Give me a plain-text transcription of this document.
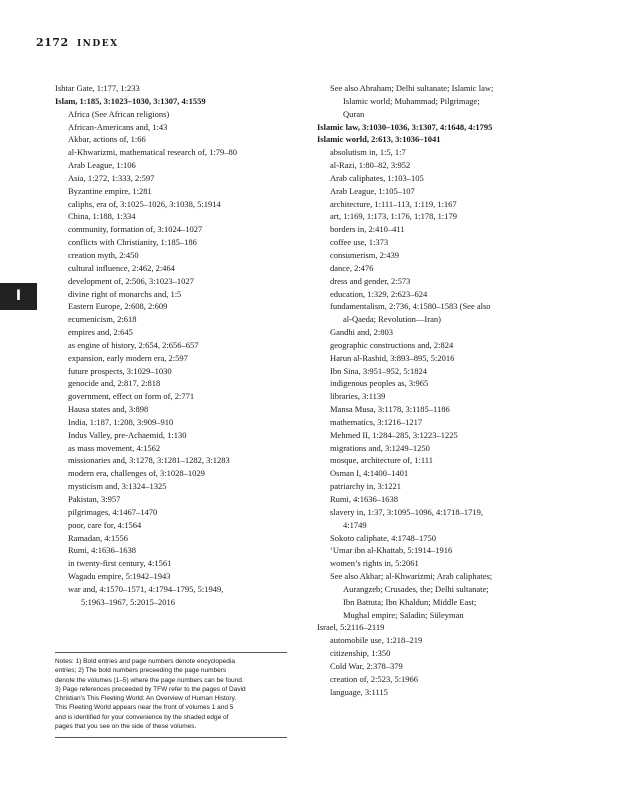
2172 INDEX
I
Ishtar Gate, 1:177, 1:233
Islam, 1:185, 3:1023–1030, 3:1307, 4:1559
Africa (See African religions)
African-Americans and, 1:43
Akbar, actions of, 1:66
al-Khwarizmi, mathematical research of, 1:79–80
Arab League, 1:106
Asia, 1:272, 1:333, 2:597
Byzantine empire, 1:281
caliphs, era of, 3:1025–1026, 3:1038, 5:1914
China, 1:188, 1:334
community, formation of, 3:1024–1027
conflicts with Christianity, 1:185–186
creation myth, 2:450
cultural influence, 2:462, 2:464
development of, 2:506, 3:1023–1027
divine right of monarchs and, 1:5
Eastern Europe, 2:608, 2:609
ecumenicism, 2:618
empires and, 2:645
as engine of history, 2:654, 2:656–657
expansion, early modern era, 2:597
future prospects, 3:1029–1030
genocide and, 2:817, 2:818
government, effect on form of, 2:771
Hausa states and, 3:898
India, 1:187, 1:208, 3:909–910
Indus Valley, pre-Achaemid, 1:130
as mass movement, 4:1562
missionaries and, 3:1278, 3:1281–1282, 3:1283
modern era, challenges of, 3:1028–1029
mysticism and, 3:1324–1325
Pakistan, 3:957
pilgrimages, 4:1467–1470
poor, care for, 4:1564
Ramadan, 4:1556
Rumi, 4:1636–1638
in twenty-first century, 4:1561
Wagadu empire, 5:1942–1943
war and, 4:1570–1571, 4:1794–1795, 5:1949,
5:1963–1967, 5:2015–2016
See also Abraham; Delhi sultanate; Islamic law;
Islamic world; Muhammad; Pilgrimage;
Quran
Islamic law, 3:1030–1036, 3:1307, 4:1648, 4:1795
Islamic world, 2:613, 3:1036–1041
absolutism in, 1:5, 1:7
al-Razi, 1:80–82, 3:952
Arab caliphates, 1:103–105
Arab League, 1:105–107
architecture, 1:111–113, 1:119, 1:167
art, 1:169, 1:173, 1:176, 1:178, 1:179
borders in, 2:410–411
coffee use, 1:373
consumerism, 2:439
dance, 2:476
dress and gender, 2:573
education, 1:329, 2:623–624
fundamentalism, 2:736, 4:1580–1583 (See also
al-Qaeda; Revolution—Iran)
Gandhi and, 2:803
geographic constructions and, 2:824
Harun al-Rashid, 3:893–895, 5:2016
Ibn Sina, 3:951–952, 5:1824
indigenous peoples as, 3:965
libraries, 3:1139
Mansa Musa, 3:1178, 3:1185–1186
mathematics, 3:1216–1217
Mehmed II, 1:284–285, 3:1223–1225
migrations and, 3:1249–1250
mosque, architecture of, 1:111
Osman I, 4:1400–1401
patriarchy in, 3:1221
Rumi, 4:1636–1638
slavery in, 1:37, 3:1095–1096, 4:1718–1719,
4:1749
Sokoto caliphate, 4:1748–1750
‘Umar ibn al-Khattab, 5:1914–1916
women’s rights in, 5:2061
See also Akbar; al-Khwarizmi; Arab caliphates;
Aurangzeb; Crusades, the; Delhi sultanate;
Ibn Battuta; Ibn Khaldun; Middle East;
Mughal empire; Saladin; Süleyman
Israel, 5:2116–2119
automobile use, 1:218–219
citizenship, 1:350
Cold War, 2:378–379
creation of, 2:523, 5:1966
language, 3:1115
Notes: 1) Bold entries and page numbers denote encyclopedia
entries; 2) The bold numbers preceeding the page numbers
denote the volumes (1–5) where the page numbers can be found.
3) Page references preceeded by TFW refer to the pages of David
Christian's This Fleeting World: An Overview of Human History.
This Fleeting World appears near the front of volumes 1 and 5
and is identified for your convenience by the shaded edge of
pages that you see on the side of these volumes.
